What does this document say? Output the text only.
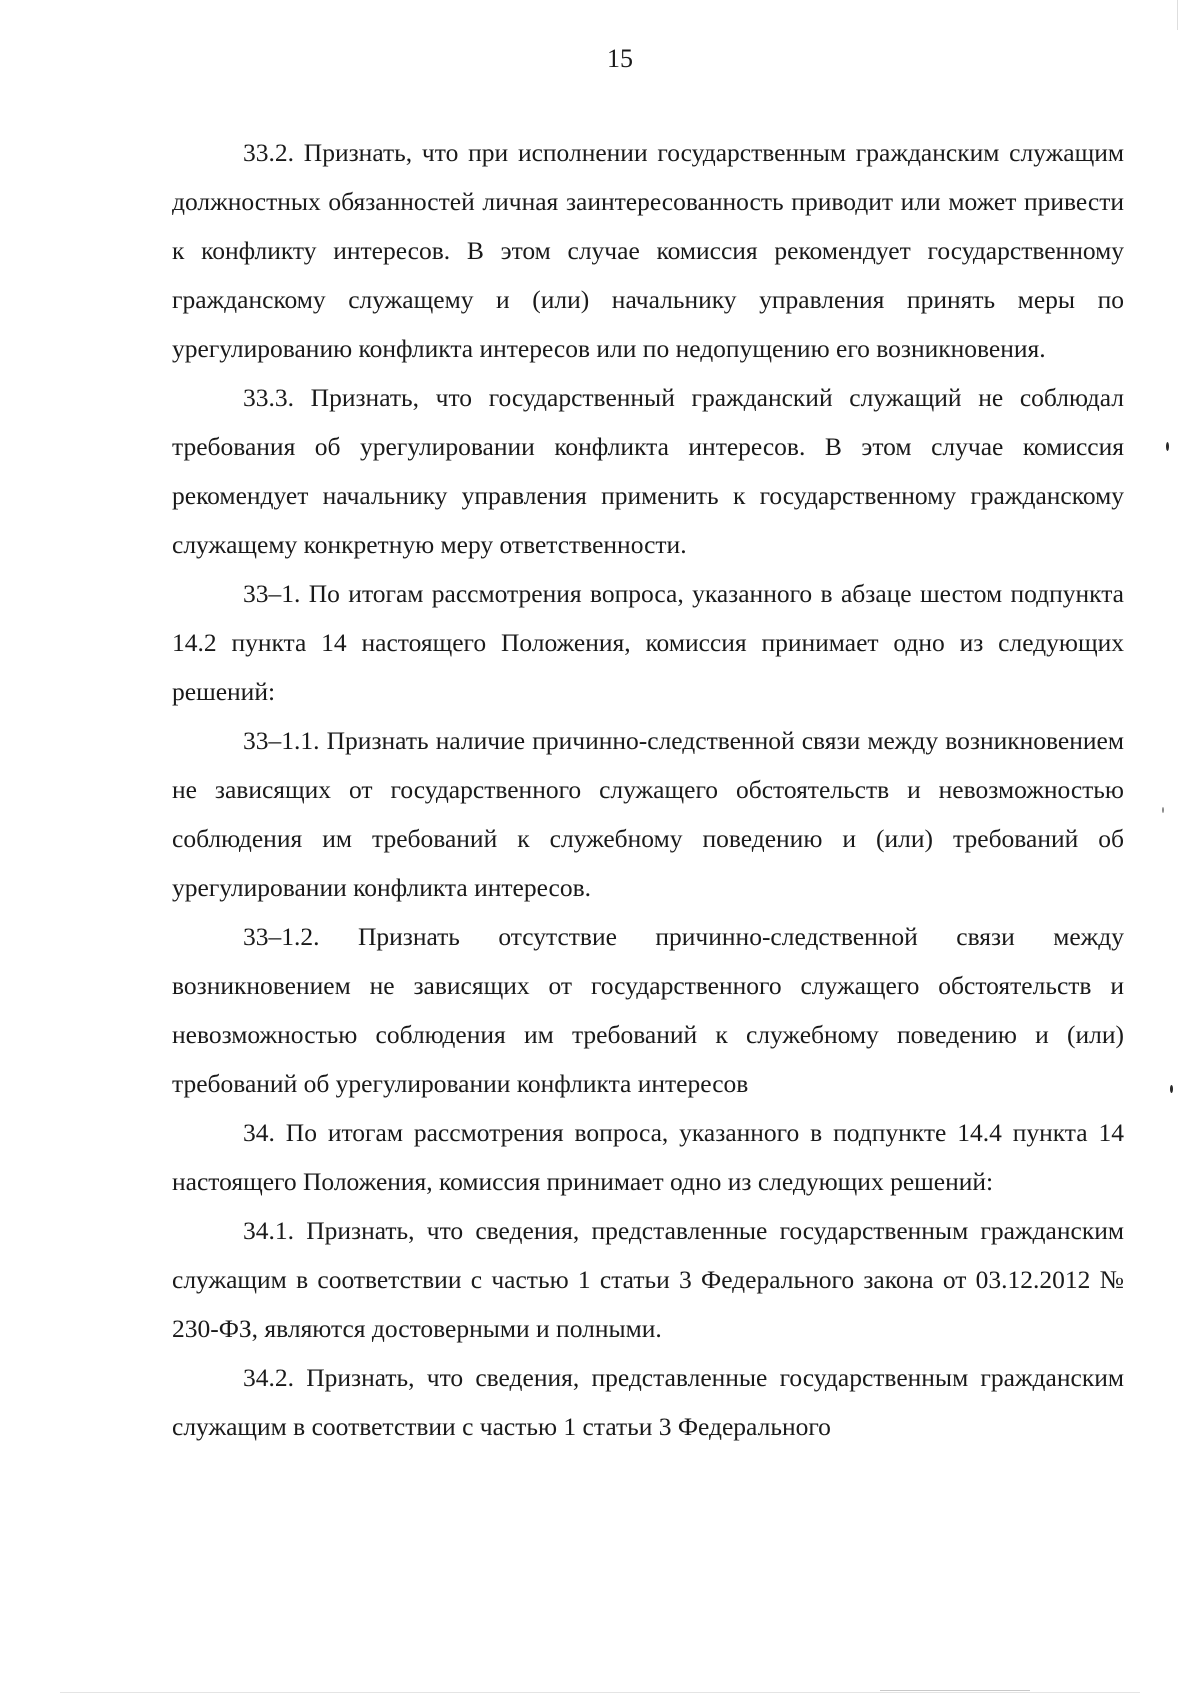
15

33.2. Признать, что при исполнении государственным гражданским служащим должностных обязанностей личная заинтересованность приводит или может привести к конфликту интересов. В этом случае комиссия рекомендует государственному гражданскому служащему и (или) начальнику управления принять меры по урегулированию конфликта интересов или по недопущению его возникновения.

33.3. Признать, что государственный гражданский служащий не соблюдал требования об урегулировании конфликта интересов. В этом случае комиссия рекомендует начальнику управления применить к государственному гражданскому служащему конкретную меру ответственности.

33–1. По итогам рассмотрения вопроса, указанного в абзаце шестом подпункта 14.2 пункта 14 настоящего Положения, комиссия принимает одно из следующих решений:

33–1.1. Признать наличие причинно-следственной связи между возникновением не зависящих от государственного служащего обстоятельств и невозможностью соблюдения им требований к служебному поведению и (или) требований об урегулировании конфликта интересов.

33–1.2. Признать отсутствие причинно-следственной связи между возникновением не зависящих от государственного служащего обстоятельств и невозможностью соблюдения им требований к служебному поведению и (или) требований об урегулировании конфликта интересов

34. По итогам рассмотрения вопроса, указанного в подпункте 14.4 пункта 14 настоящего Положения, комиссия принимает одно из следующих решений:

34.1. Признать, что сведения, представленные государственным гражданским служащим в соответствии с частью 1 статьи 3 Федерального закона от 03.12.2012 № 230-ФЗ, являются достоверными и полными.

34.2. Признать, что сведения, представленные государственным гражданским служащим в соответствии с частью 1 статьи 3 Федерального
